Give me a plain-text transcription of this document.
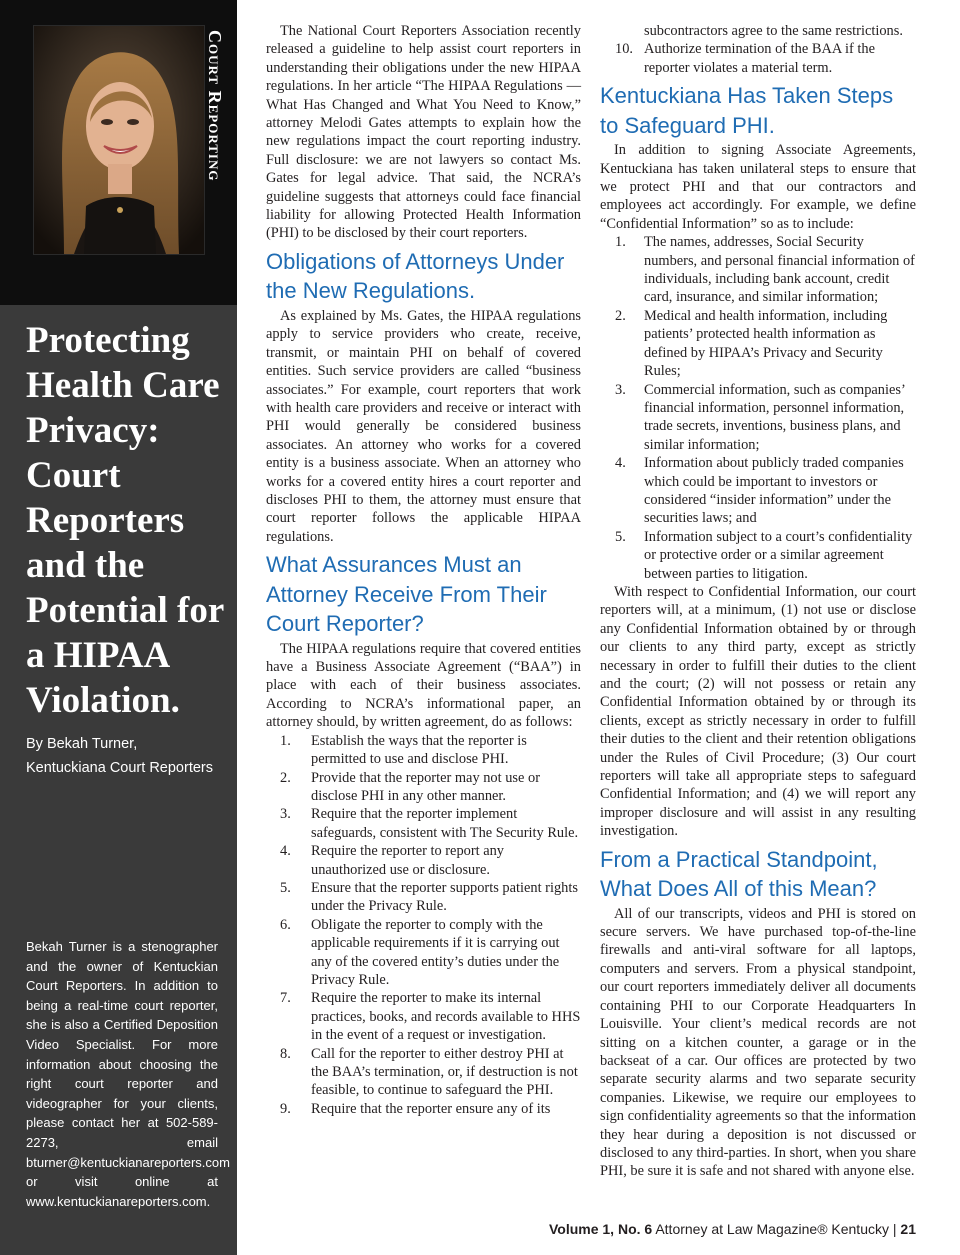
Court Reporting
Protecting Health Care Privacy: Court Reporters and the Potential for a HIPAA Violation.
By Bekah Turner,
Kentuckiana Court Reporters

Bekah Turner is a stenographer and the owner of Kentuckian Court Reporters. In addition to being a real-time court reporter, she is also a Certified Deposition Video Specialist. For more information about choosing the right court reporter and videographer for your clients, please contact her at 502-589-2273, email bturner@kentuckianareporters.com or visit online at www.kentuckianareporters.com.

The National Court Reporters Association recently released a guideline to help assist court reporters in understanding their obligations under the new HIPAA regulations. In her article “The HIPAA Regulations — What Has Changed and What You Need to Know,” attorney Melodi Gates attempts to explain how the new regulations impact the court reporting industry. Full disclosure: we are not lawyers so contact Ms. Gates for legal advice. That said, the NCRA’s guideline suggests that attorneys could face financial liability for allowing Protected Health Information (PHI) to be disclosed by their court reporters.

Obligations of Attorneys Under the New Regulations.

As explained by Ms. Gates, the HIPAA regulations apply to service providers who create, receive, transmit, or maintain PHI on behalf of covered entities. Such service providers are called “business associates.” For example, court reporters that work with health care providers and receive or interact with PHI would generally be considered business associates. An attorney who works for a covered entity is a business associate. When an attorney who works for a covered entity hires a court reporter and discloses PHI to them, the attorney must ensure that court reporter follows the applicable HIPAA regulations.

What Assurances Must an Attorney Receive From Their Court Reporter?

The HIPAA regulations require that covered entities have a Business Associate Agreement (“BAA”) in place with each of their business associates. According to NCRA’s informational paper, an attorney should, by written agreement, do as follows:

1. Establish the ways that the reporter is permitted to use and disclose PHI.
2. Provide that the reporter may not use or disclose PHI in any other manner.
3. Require that the reporter implement safeguards, consistent with The Security Rule.
4. Require the reporter to report any unauthorized use or disclosure.
5. Ensure that the reporter supports patient rights under the Privacy Rule.
6. Obligate the reporter to comply with the applicable requirements if it is carrying out any of the covered entity’s duties under the Privacy Rule.
7. Require the reporter to make its internal practices, books, and records available to HHS in the event of a request or investigation.
8. Call for the reporter to either destroy PHI at the BAA’s termination, or, if destruction is not feasible, to continue to safeguard the PHI.
9. Require that the reporter ensure any of its
subcontractors agree to the same restrictions.
10. Authorize termination of the BAA if the reporter violates a material term.
Kentuckiana Has Taken Steps to Safeguard PHI.

In addition to signing Associate Agreements, Kentuckiana has taken unilateral steps to ensure that we protect PHI and that our contractors and employees act accordingly. For example, we define “Confidential Information” so as to include:

1. The names, addresses, Social Security numbers, and personal financial information of individuals, including bank account, credit card, insurance, and similar information;
2. Medical and health information, including patients’ protected health information as defined by HIPAA’s Privacy and Security Rules;
3. Commercial information, such as companies’ financial information, personnel information, trade secrets, inventions, business plans, and similar information;
4. Information about publicly traded companies which could be important to investors or considered “insider information” under the securities laws; and
5. Information subject to a court’s confidentiality or protective order or a similar agreement between parties to litigation.

With respect to Confidential Information, our court reporters will, at a minimum, (1) not use or disclose any Confidential Information obtained by or through our clients to any third party, except as strictly necessary in order to fulfill their duties to the client and the court; (2) will not possess or retain any Confidential Information obtained by or through its clients, except as strictly necessary in order to fulfill their duties to the client and their retention obligations under the Rules of Civil Procedure; (3) Our court reporters will take all appropriate steps to safeguard Confidential Information; and (4) we will report any improper disclosure and will assist in any resulting investigation.

From a Practical Standpoint, What Does All of this Mean?

All of our transcripts, videos and PHI is stored on secure servers. We have purchased top-of-the-line firewalls and anti-viral software for all laptops, computers and servers. From a physical standpoint, our court reporters immediately deliver all documents containing PHI to our Corporate Headquarters In Louisville. Your client’s medical records are not sitting on a kitchen counter, a garage or in the backseat of a car. Our offices are protected by two separate security alarms and two separate security companies. Likewise, we require our employees to sign confidentiality agreements so that the information they hear during a deposition is not discussed or disclosed to any third-parties. In short, when you share PHI, be sure it is safe and not shared with anyone else.

Volume 1, No. 6 Attorney at Law Magazine® Kentucky | 21
